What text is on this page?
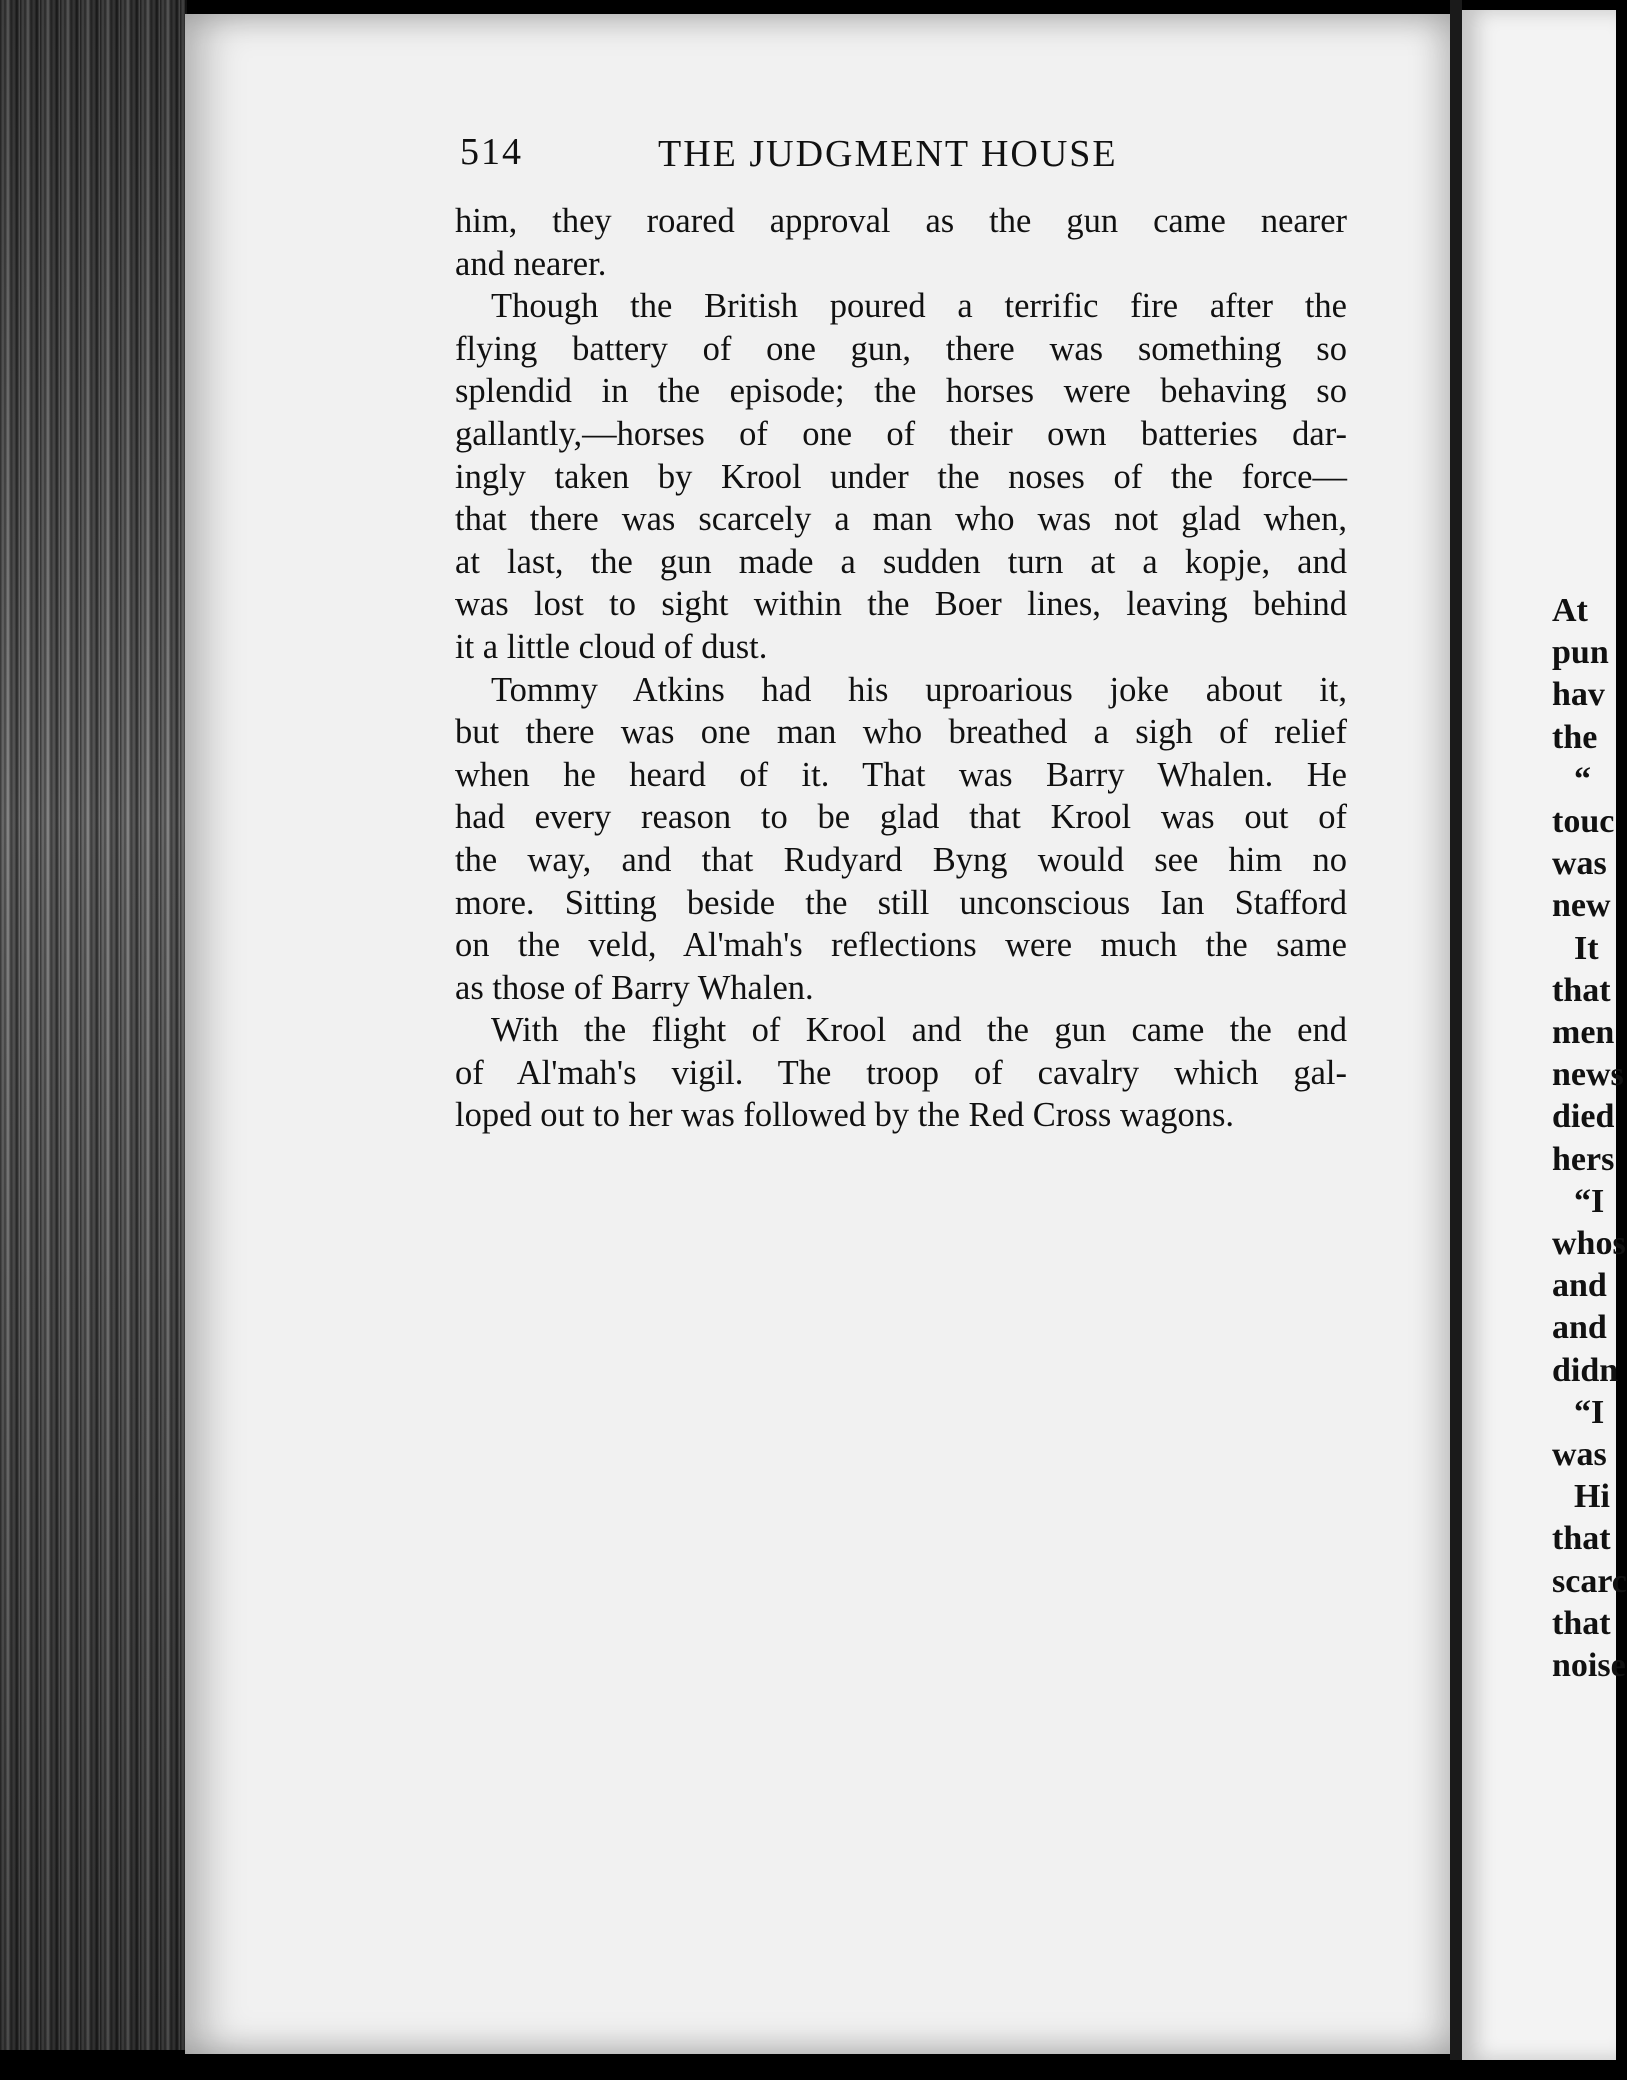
514	THE JUDGMENT HOUSE
him, they roared approval as the gun came nearer
and nearer.
Though the British poured a terrific fire after the
flying battery of one gun, there was something so
splendid in the episode; the horses were behaving so
gallantly,—horses of one of their own batteries dar-
ingly taken by Krool under the noses of the force—
that there was scarcely a man who was not glad when,
at last, the gun made a sudden turn at a kopje, and
was lost to sight within the Boer lines, leaving behind
it a little cloud of dust.
Tommy Atkins had his uproarious joke about it,
but there was one man who breathed a sigh of relief
when he heard of it. That was Barry Whalen. He
had every reason to be glad that Krool was out of
the way, and that Rudyard Byng would see him no
more. Sitting beside the still unconscious Ian Stafford
on the veld, Al'mah's reflections were much the same
as those of Barry Whalen.
With the flight of Krool and the gun came the end
of Al'mah's vigil. The troop of cavalry which gal-
loped out to her was followed by the Red Cross wagons.
At
pun
hav
the
“
touc
was
new
It
that
men
news
died
hers
“I
whos
and
and
didn
“I
was
Hi
that
scarc
that
noise
